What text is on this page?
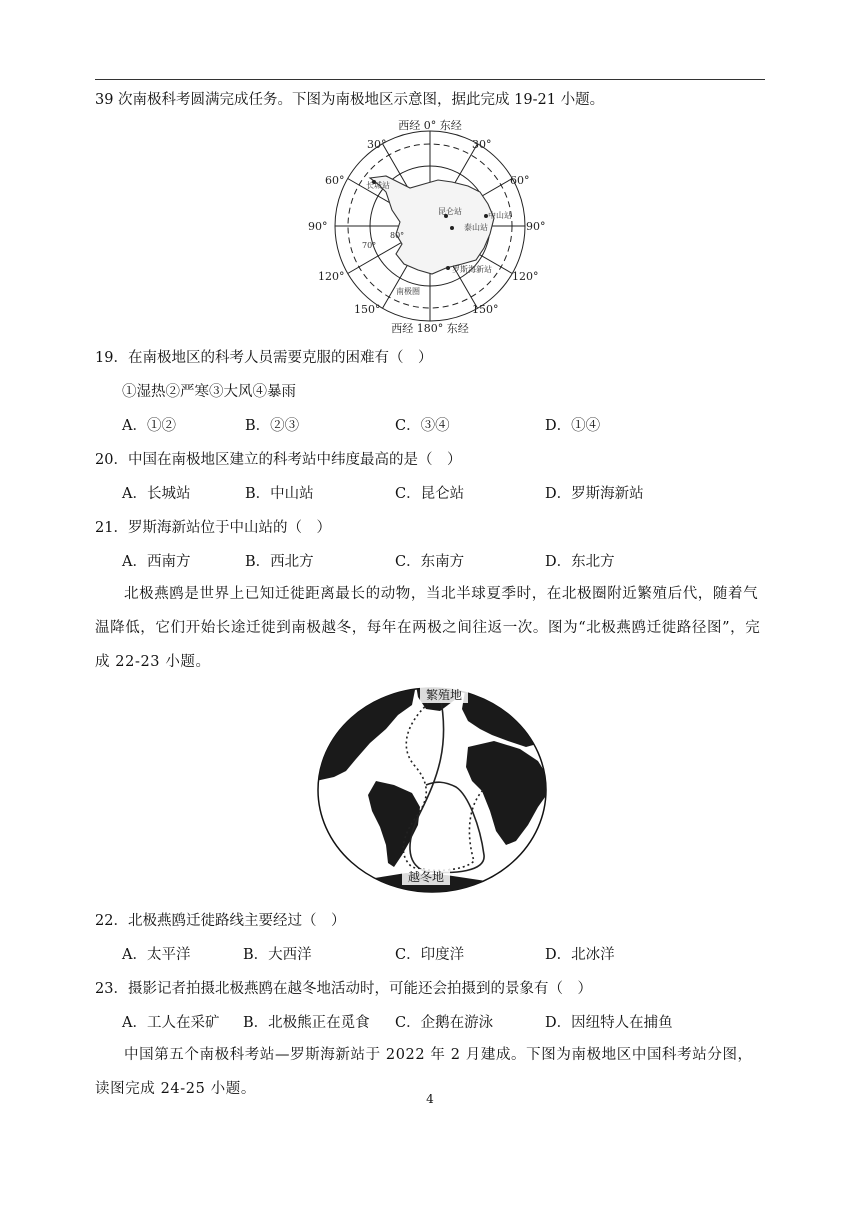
39 次南极科考圆满完成任务。下图为南极地区示意图，据此完成 19-21 小题。
西经 0° 东经
西经 180° 东经
30°	30°
60°	60°
90°	90°
120°	120°
150°	150°
80°
70°
长城站
昆仑站	中山站
泰山站
罗斯海新站
南极圈
19．在南极地区的科考人员需要克服的困难有（　）
①湿热②严寒③大风④暴雨
A．①②	B．②③	C．③④	D．①④
20．中国在南极地区建立的科考站中纬度最高的是（　）
A．长城站	B．中山站	C．昆仑站	D．罗斯海新站
21．罗斯海新站位于中山站的（　）
A．西南方	B．西北方	C．东南方	D．东北方
北极燕鸥是世界上已知迁徙距离最长的动物，当北半球夏季时，在北极圈附近繁殖后代，随着气温降低，它们开始长途迁徙到南极越冬，每年在两极之间往返一次。图为“北极燕鸥迁徙路径图”，完成 22-23 小题。
繁殖地
越冬地
22．北极燕鸥迁徙路线主要经过（　）
A．太平洋	B．大西洋	C．印度洋	D．北冰洋
23．摄影记者拍摄北极燕鸥在越冬地活动时，可能还会拍摄到的景象有（　）
A．工人在采矿 B．北极熊正在觅食 C．企鹅在游泳	D．因纽特人在捕鱼
中国第五个南极科考站—罗斯海新站于 2022 年 2 月建成。下图为南极地区中国科考站分图，读图完成 24-25 小题。
4
